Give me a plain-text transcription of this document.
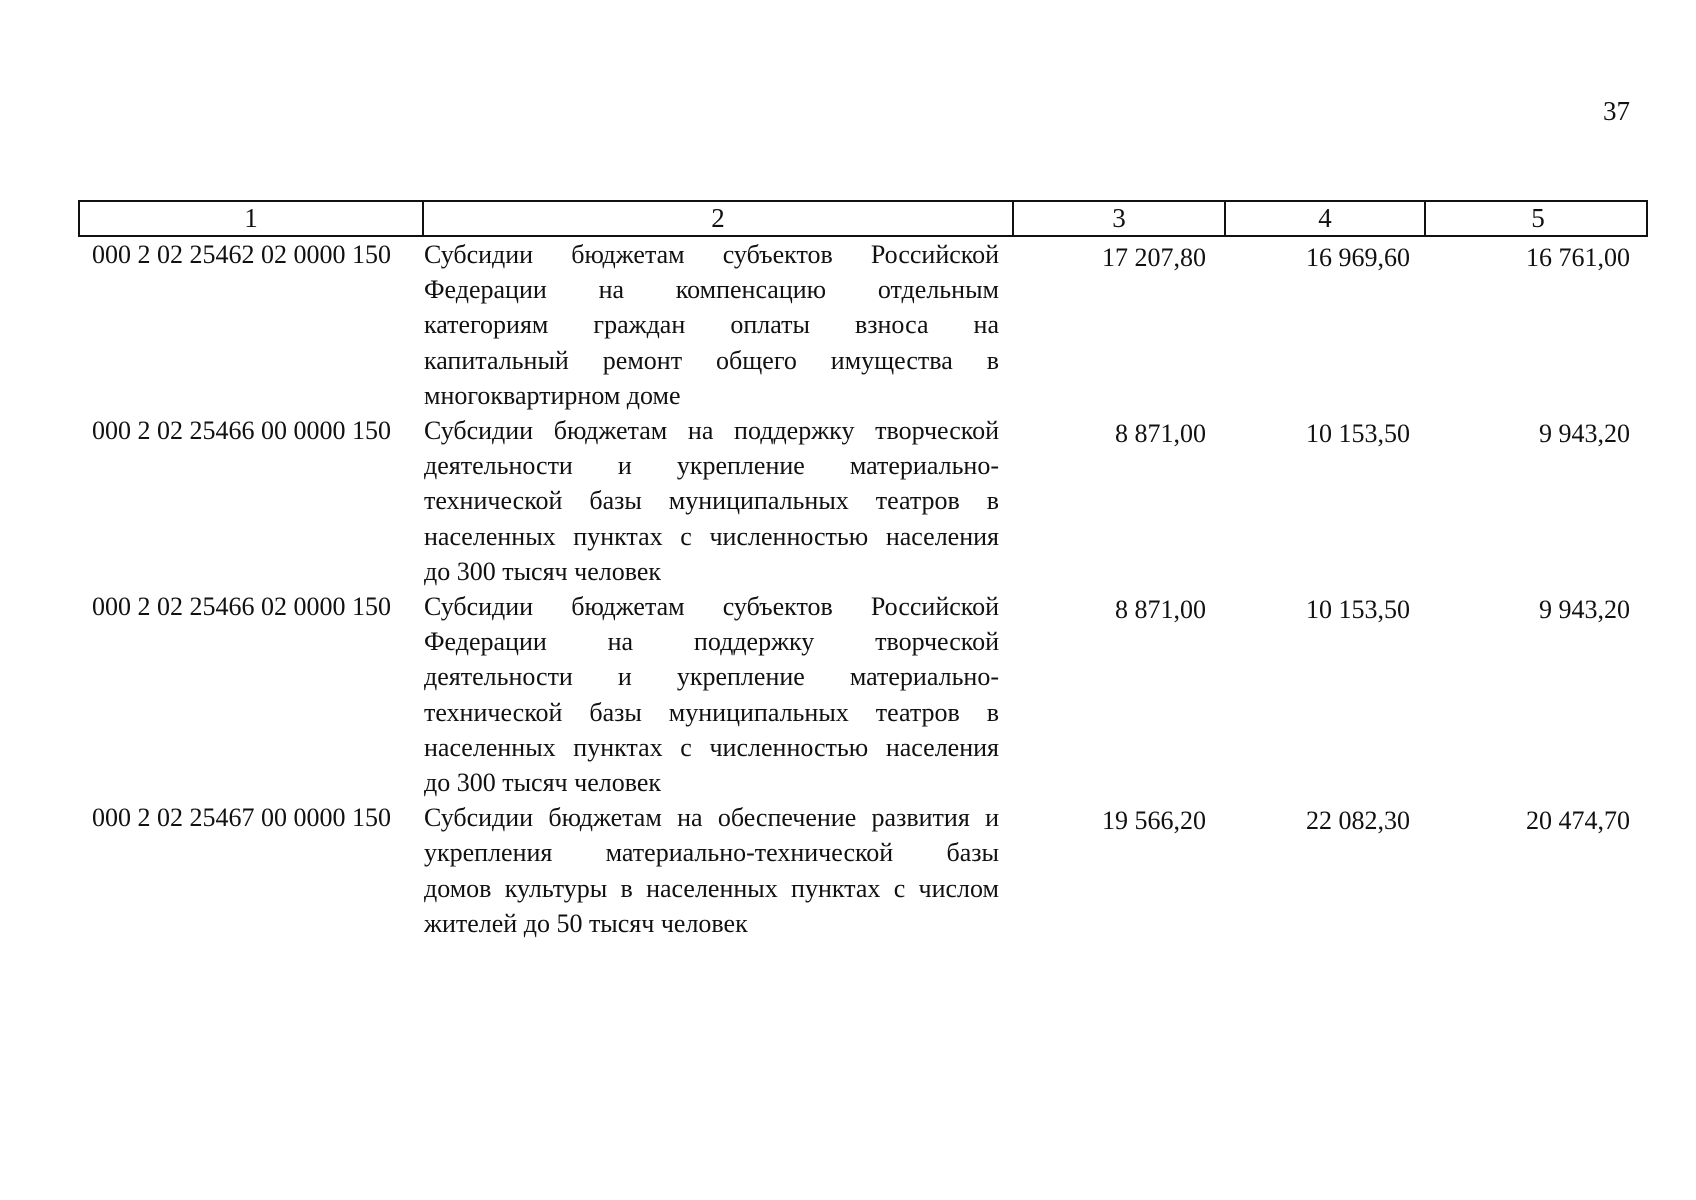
37
1	2	3	4	5
000 2 02 25462 02 0000 150	Субсидии бюджетам субъектов Российской
Федерации на компенсацию отдельным
категориям граждан оплаты взноса на
капитальный ремонт общего имущества в
многоквартирном доме
17 207,80	16 969,60	16 761,00
000 2 02 25466 00 0000 150	Субсидии бюджетам на поддержку творческой
деятельности и укрепление материально-
технической базы муниципальных театров в
населенных пунктах с численностью населения
до 300 тысяч человек
8 871,00	10 153,50	9 943,20
000 2 02 25466 02 0000 150	Субсидии бюджетам субъектов Российской
Федерации на поддержку творческой
деятельности и укрепление материально-
технической базы муниципальных театров в
населенных пунктах с численностью населения
до 300 тысяч человек
8 871,00	10 153,50	9 943,20
000 2 02 25467 00 0000 150	Субсидии бюджетам на обеспечение развития и
укрепления материально-технической базы
домов культуры в населенных пунктах с числом
жителей до 50 тысяч человек
19 566,20	22 082,30	20 474,70
